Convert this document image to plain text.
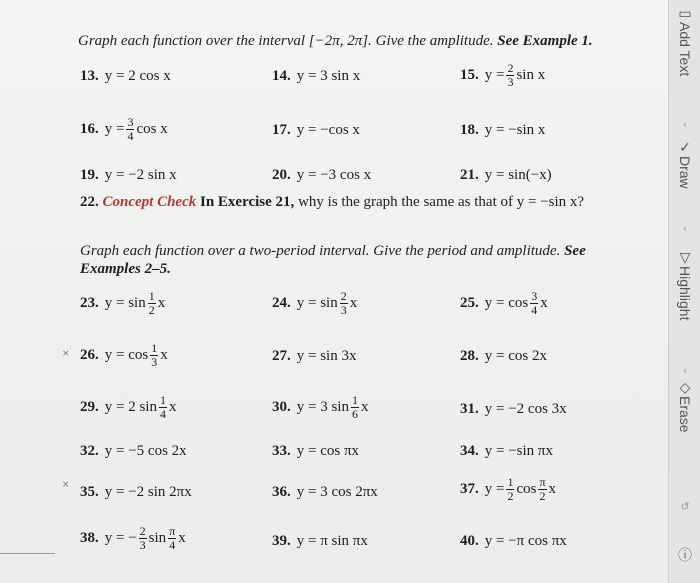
Graph each function over the interval [−2π, 2π]. Give the amplitude. See Example 1.
13. y = 2 cos x	14. y = 3 sin x	15. $y = \frac{2}{3}$ sin x
16. $y = \frac{3}{4}$ cos x	17. y = −cos x	18. y = −sin x
19. y = −2 sin x	20. y = −3 cos x	21. y = sin(−x)
22. Concept Check In Exercise 21, why is the graph the same as that of y = −sin x?
Graph each function over a two-period interval. Give the period and amplitude. See Examples 2–5.
23. $y = \sin \frac{1}{2}$ x	24. $y = \sin \frac{2}{3}$ x	25. $y = \cos \frac{3}{4}$ x
26. $y = \cos \frac{1}{3}$ x	27. y = sin 3x	28. y = cos 2x
29. y = 2 $\sin \frac{1}{4}$ x	30. y = 3 $\sin \frac{1}{6}$ x	31. y = −2 cos 3x
32. y = −5 cos 2x	33. y = cos πx	34. y = −sin πx
35. y = −2 sin 2πx	36. y = 3 cos 2πx	37. $y = \frac{1}{2}$ $\cos \frac{\pi}{2}$ x
38. y = − $\frac{2}{3}$ $\sin \frac{\pi}{4}$ x	39. y = π sin πx	40. y = −π cos πx
×
×
▭
Add Text
‹
✓
Draw
‹
▽
Highlight
‹
◇
Erase
↺
ⓘ
